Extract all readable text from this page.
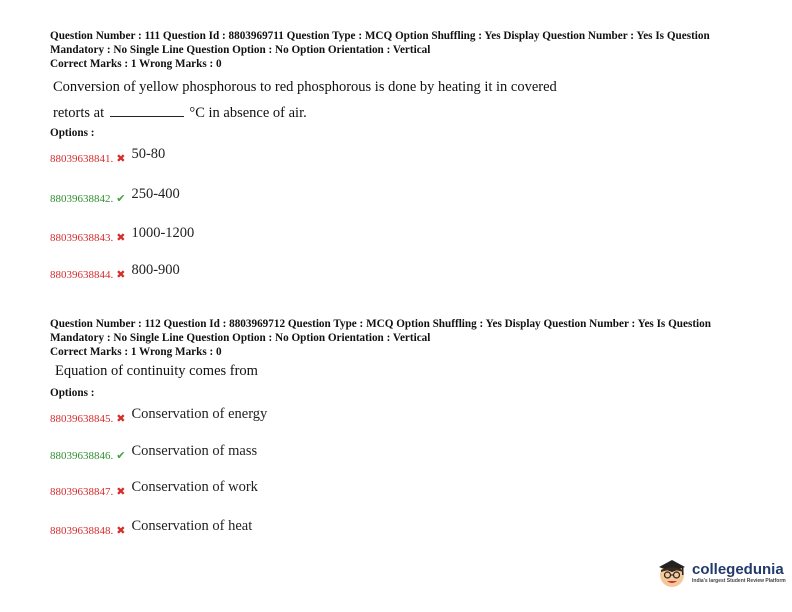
Question Number : 111 Question Id : 8803969711 Question Type : MCQ Option Shuffling : Yes Display Question Number : Yes Is Question
Mandatory : No Single Line Question Option : No Option Orientation : Vertical
Correct Marks : 1 Wrong Marks : 0
Conversion of yellow phosphorous to red phosphorous is done by heating it in covered
retorts at	°C in absence of air.
Options :
88039638841. ✖ 50-80
88039638842. ✔ 250-400
88039638843. ✖ 1000-1200
88039638844. ✖ 800-900
Question Number : 112 Question Id : 8803969712 Question Type : MCQ Option Shuffling : Yes Display Question Number : Yes Is Question
Mandatory : No Single Line Question Option : No Option Orientation : Vertical
Correct Marks : 1 Wrong Marks : 0
Equation of continuity comes from
Options :
88039638845. ✖ Conservation of energy
88039638846. ✔ Conservation of mass
88039638847. ✖ Conservation of work
88039638848. ✖ Conservation of heat
collegedunia
India's largest Student Review Platform
